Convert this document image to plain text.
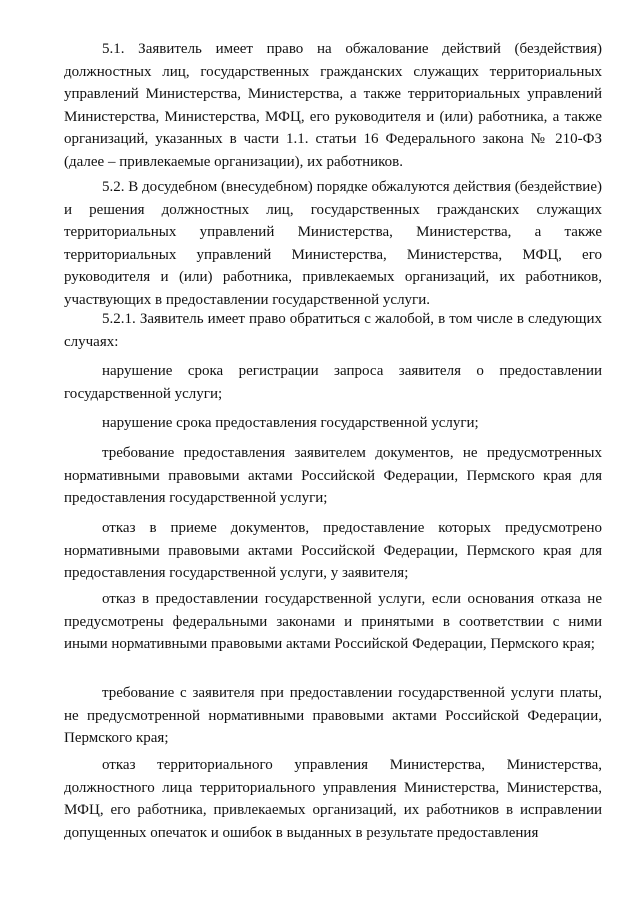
5.1. Заявитель имеет право на обжалование действий (бездействия) должностных лиц, государственных гражданских служащих территориальных управлений Министерства, Министерства, а также территориальных управлений Министерства, Министерства, МФЦ, его руководителя и (или) работника, а также организаций, указанных в части 1.1. статьи 16 Федерального закона № 210-ФЗ (далее – привлекаемые организации), их работников.

5.2. В досудебном (внесудебном) порядке обжалуются действия (бездействие) и решения должностных лиц, государственных гражданских служащих территориальных управлений Министерства, Министерства, а также территориальных управлений Министерства, Министерства, МФЦ, его руководителя и (или) работника, привлекаемых организаций, их работников, участвующих в предоставлении государственной услуги.

5.2.1. Заявитель имеет право обратиться с жалобой, в том числе в следующих случаях:

нарушение срока регистрации запроса заявителя о предоставлении государственной услуги;

нарушение срока предоставления государственной услуги;

требование предоставления заявителем документов, не предусмотренных нормативными правовыми актами Российской Федерации, Пермского края для предоставления государственной услуги;

отказ в приеме документов, предоставление которых предусмотрено нормативными правовыми актами Российской Федерации, Пермского края для предоставления государственной услуги, у заявителя;

отказ в предоставлении государственной услуги, если основания отказа не предусмотрены федеральными законами и принятыми в соответствии с ними иными нормативными правовыми актами Российской Федерации, Пермского края;

требование с заявителя при предоставлении государственной услуги платы, не предусмотренной нормативными правовыми актами Российской Федерации, Пермского края;

отказ территориального управления Министерства, Министерства, должностного лица территориального управления Министерства, Министерства, МФЦ, его работника, привлекаемых организаций, их работников в исправлении допущенных опечаток и ошибок в выданных в результате предоставления
